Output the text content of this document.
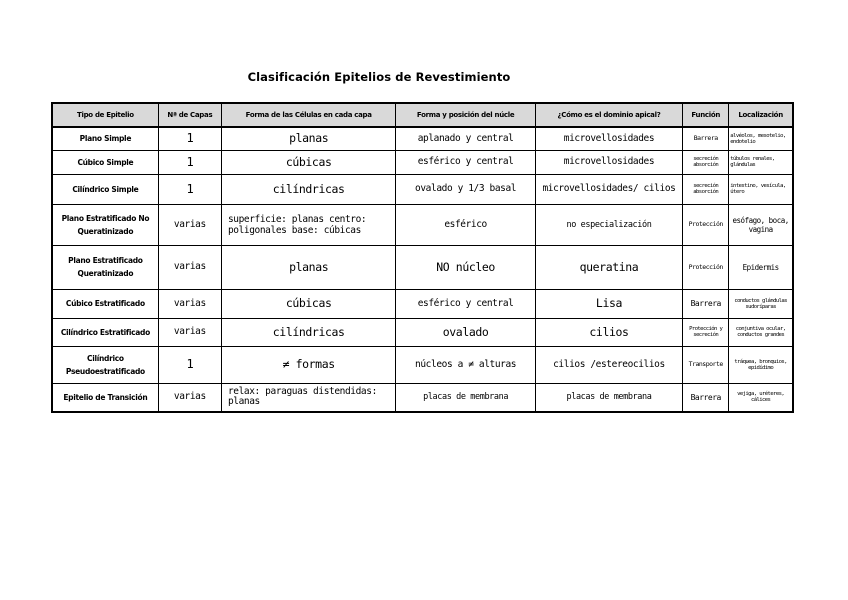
Clasificación Epitelios de Revestimiento
Tipo de Epitelio	Nª de Capas	Forma de las Células en cada capa	Forma y posición del núcle	¿Cómo es el dominio apical?	Función	Localización
Plano Simple	1	planas	aplanado y central	microvellosidades	Barrera	alvéolos, mesotelio, endotelio
Cúbico Simple	1	cúbicas	esférico y central	microvellosidades	secreción absorción	túbulos renales, glándulas
Cilíndrico Simple	1	cilíndricas	ovalado y 1/3 basal	microvellosidades/ cilios	secreción absorción	intestino, vesícula, útero
Plano Estratificado No Queratinizado	varias	superficie: planas centro: poligonales base: cúbicas	esférico	no especialización	Protección	esófago, boca, vagina
Plano Estratificado Queratinizado	varias	planas	NO núcleo	queratina	Protección	Epidermis
Cúbico Estratificado	varias	cúbicas	esférico y central	Lisa	Barrera	conductos glándulas sudoríparas
Cilíndrico Estratificado	varias	cilíndricas	ovalado	cilios	Protección y secreción	conjuntiva ocular, conductos grandes
Cilíndrico Pseudoestratificado	1	≠ formas	núcleos a ≠ alturas	cilios /estereocilios	Transporte	tráquea, bronquios, epidídimo
Epitelio de Transición	varias	relax: paraguas distendidas: planas	placas de membrana	placas de membrana	Barrera	vejiga, uréteres, cálices
